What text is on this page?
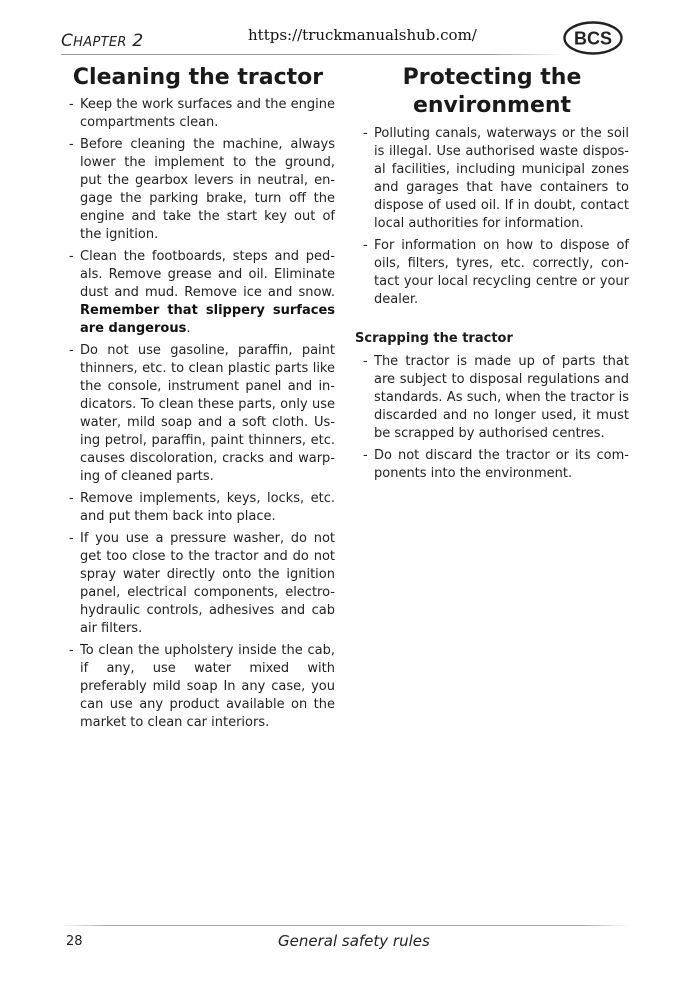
CHAPTER 2	https://truckmanualshub.com/	BCS
Cleaning the tractor
- Keep the work surfaces and the engine compartments clean.
- Before cleaning the machine, always lower the implement to the ground, put the gearbox levers in neutral, en-gage the parking brake, turn off the engine and take the start key out of the ignition.
- Clean the footboards, steps and ped-als. Remove grease and oil. Eliminate dust and mud. Remove ice and snow. Remember that slippery surfaces are dangerous.
- Do not use gasoline, paraffin, paint thinners, etc. to clean plastic parts like the console, instrument panel and in-dicators. To clean these parts, only use water, mild soap and a soft cloth. Us-ing petrol, paraffin, paint thinners, etc. causes discoloration, cracks and warp-ing of cleaned parts.
- Remove implements, keys, locks, etc. and put them back into place.
- If you use a pressure washer, do not get too close to the tractor and do not spray water directly onto the ignition panel, electrical components, electro-hydraulic controls, adhesives and cab air filters.
- To clean the upholstery inside the cab, if any, use water mixed with preferably mild soap In any case, you can use any product available on the market to clean car interiors.
Protecting the
environment
- Polluting canals, waterways or the soil is illegal. Use authorised waste dispos-al facilities, including municipal zones and garages that have containers to dispose of used oil. If in doubt, contact local authorities for information.
- For information on how to dispose of oils, filters, tyres, etc. correctly, con-tact your local recycling centre or your dealer.
Scrapping the tractor
- The tractor is made up of parts that are subject to disposal regulations and standards. As such, when the tractor is discarded and no longer used, it must be scrapped by authorised centres.
- Do not discard the tractor or its com-ponents into the environment.
28	General safety rules
